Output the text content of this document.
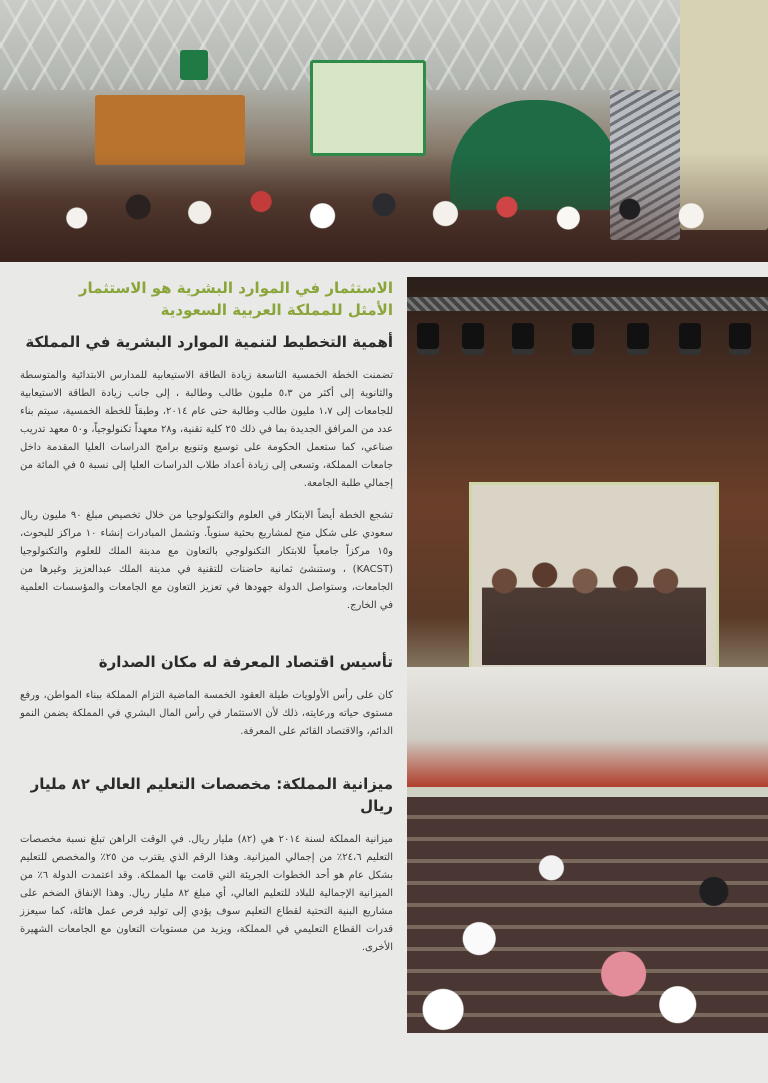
الاستثمار في الموارد البشرية هو الاستثمار
الأمثل للمملكة العربية السعودية
أهمية التخطيط لتنمية الموارد البشرية في المملكة

تضمنت الخطة الخمسية التاسعة زيادة الطاقة الاستيعابية للمدارس الابتدائية والمتوسطة والثانوية إلى أكثر من ٥،٣ مليون طالب وطالبة ، إلى جانب زيادة الطاقة الاستيعابية للجامعات إلى ١،٧ مليون طالب وطالبة حتى عام ٢٠١٤، وطبقاً للخطة الخمسية، سيتم بناء عدد من المرافق الجديدة بما في ذلك ٢٥ كلية تقنية، و٢٨ معهداً تكنولوجياً، و٥٠ معهد تدريب صناعي، كما ستعمل الحكومة على توسيع وتنويع برامج الدراسات العليا المقدمة داخل جامعات المملكة، وتسعى إلى زيادة أعداد طلاب الدراسات العليا إلى نسبة ٥ في المائة من إجمالي طلبة الجامعة.

تشجع الخطة أيضاً الابتكار في العلوم والتكنولوجيا من خلال تخصيص مبلغ ٩٠ مليون ريال سعودي على شكل منح لمشاريع بحثية سنوياً. وتشمل المبادرات إنشاء ١٠ مراكز للبحوث، و١٥ مركزاً جامعياً للابتكار التكنولوجي بالتعاون مع مدينة الملك للعلوم والتكنولوجيا (KACST) ، وستنشئ ثمانية حاضنات للتقنية في مدينة الملك عبدالعزيز وغيرها من الجامعات، وستواصل الدولة جهودها في تعزيز التعاون مع الجامعات والمؤسسات العلمية في الخارج.

تأسيس اقتصاد المعرفة له مكان الصدارة

كان على رأس الأولويات طيلة العقود الخمسة الماضية التزام المملكة ببناء المواطن، ورفع مستوى حياته ورعايته، ذلك لأن الاستثمار في رأس المال البشري في المملكة يضمن النمو الدائم، والاقتصاد القائم على المعرفة.

ميزانية المملكة: مخصصات التعليم العالي ٨٢ مليار ريال

ميزانية المملكة لسنة ٢٠١٤ هي (٨٢) مليار ريال. في الوقت الراهن تبلغ نسبة مخصصات التعليم ٢٤،٦٪ من إجمالي الميزانية. وهذا الرقم الذي يقترب من ٢٥٪ والمخصص للتعليم بشكل عام هو أحد الخطوات الجريئة التي قامت بها المملكة. وقد اعتمدت الدولة ٦٪ من الميزانية الإجمالية للبلاد للتعليم العالي، أي مبلغ ٨٢ مليار ريال. وهذا الإنفاق الضخم على مشاريع البنية التحتية لقطاع التعليم سوف يؤدي إلى توليد فرص عمل هائلة، كما سيعزز قدرات القطاع التعليمي في المملكة، ويزيد من مستويات التعاون مع الجامعات الشهيرة الأخرى.
